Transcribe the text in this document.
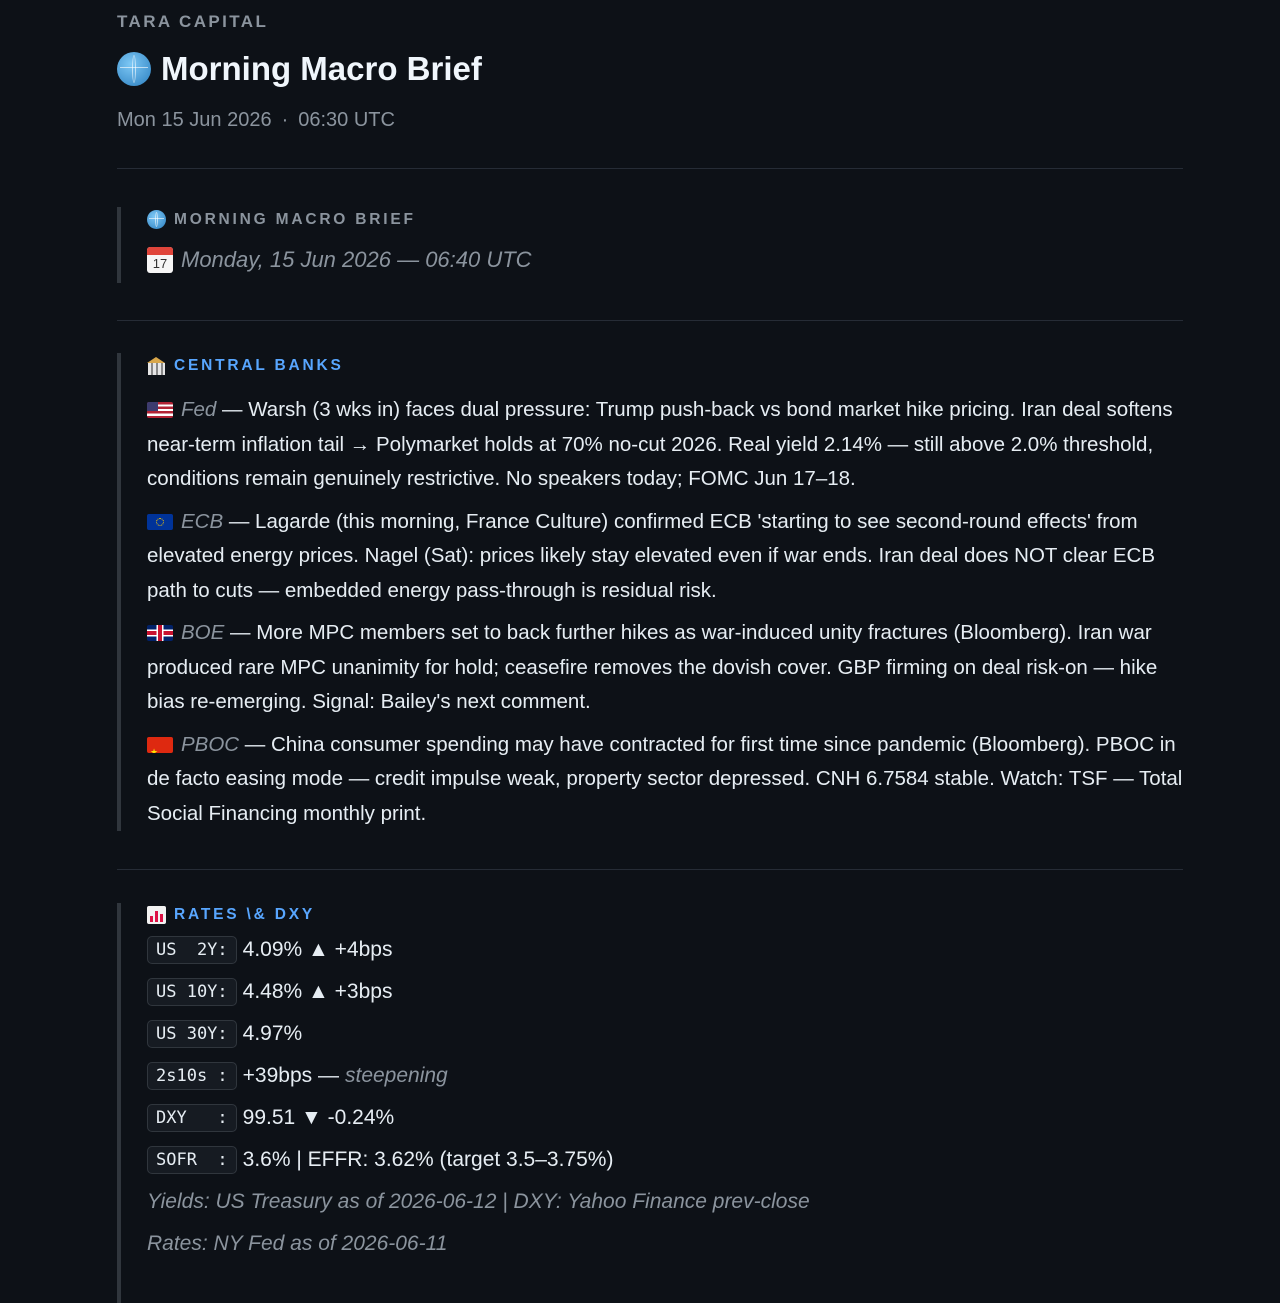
TARA CAPITAL
Morning Macro Brief
Mon 15 Jun 2026 · 06:30 UTC
MORNING MACRO BRIEF
17 Monday, 15 Jun 2026 — 06:40 UTC
CENTRAL BANKS
Fed — Warsh (3 wks in) faces dual pressure: Trump push-back vs bond market hike pricing. Iran deal softens near-term inflation tail → Polymarket holds at 70% no-cut 2026. Real yield 2.14% — still above 2.0% threshold, conditions remain genuinely restrictive. No speakers today; FOMC Jun 17–18.
ECB — Lagarde (this morning, France Culture) confirmed ECB 'starting to see second-round effects' from elevated energy prices. Nagel (Sat): prices likely stay elevated even if war ends. Iran deal does NOT clear ECB path to cuts — embedded energy pass-through is residual risk.
BOE — More MPC members set to back further hikes as war-induced unity fractures (Bloomberg). Iran war produced rare MPC unanimity for hold; ceasefire removes the dovish cover. GBP firming on deal risk-on — hike bias re-emerging. Signal: Bailey's next comment.
★PBOC — China consumer spending may have contracted for first time since pandemic (Bloomberg). PBOC in de facto easing mode — credit impulse weak, property sector depressed. CNH 6.7584 stable. Watch: TSF — Total Social Financing monthly print.
RATES \& DXY
US  2Y: 4.09% ▲ +4bps
US 10Y: 4.48% ▲ +3bps
US 30Y: 4.97%
2s10s : +39bps — steepening
DXY   : 99.51 ▼ -0.24%
SOFR  : 3.6% | EFFR: 3.62% (target 3.5–3.75%)
Yields: US Treasury as of 2026-06-12 | DXY: Yahoo Finance prev-close
Rates: NY Fed as of 2026-06-11
